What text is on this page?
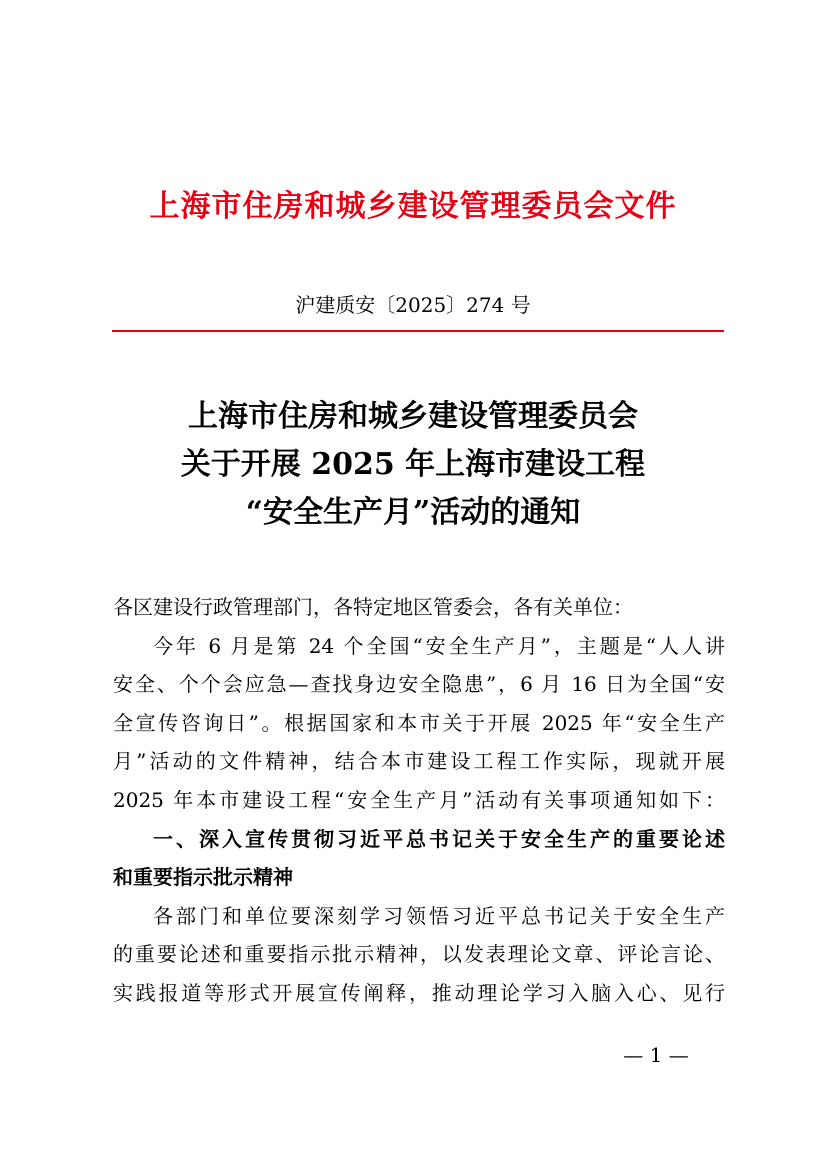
上海市住房和城乡建设管理委员会文件
沪建质安〔2025〕274 号
上海市住房和城乡建设管理委员会
关于开展 2025 年上海市建设工程
“安全生产月”活动的通知
各区建设行政管理部门，各特定地区管委会，各有关单位：
今年 6 月是第 24 个全国“安全生产月”，主题是“人人讲
安全、个个会应急—查找身边安全隐患”，6 月 16 日为全国“安
全宣传咨询日”。根据国家和本市关于开展 2025 年“安全生产
月”活动的文件精神，结合本市建设工程工作实际，现就开展
2025 年本市建设工程“安全生产月”活动有关事项通知如下：
一、深入宣传贯彻习近平总书记关于安全生产的重要论述
和重要指示批示精神
各部门和单位要深刻学习领悟习近平总书记关于安全生产
的重要论述和重要指示批示精神，以发表理论文章、评论言论、
实践报道等形式开展宣传阐释，推动理论学习入脑入心、见行
— 1 —
